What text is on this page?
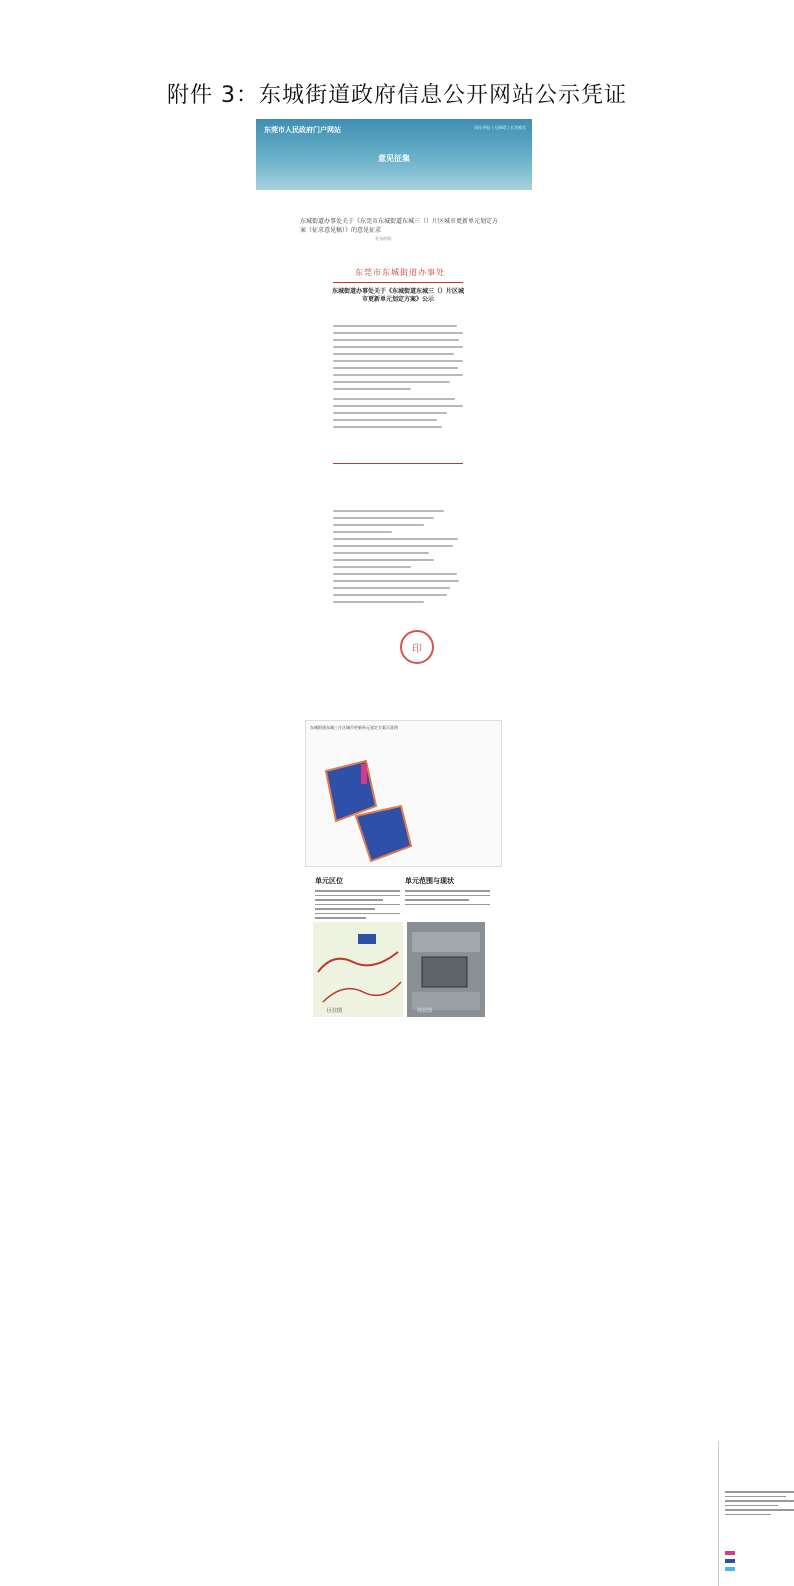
附件 3：东城街道政府信息公开网站公示凭证
东莞市人民政府门户网站	网站导航 | 无障碍 | 长者模式
意见征集
东城街道办事处关于《东莞市东城街道东城三（）片区城市更新单元划定方案（征求意见稿）》的意见征求
发布时间：
东莞市东城街道办事处
东城街道办事处关于《东城街道东城三（）片区城市更新单元划定方案》公示
印
东城街道东城三片区城市更新单元划定方案示意图
单元区位	单元范围与现状
区位图	现状图
